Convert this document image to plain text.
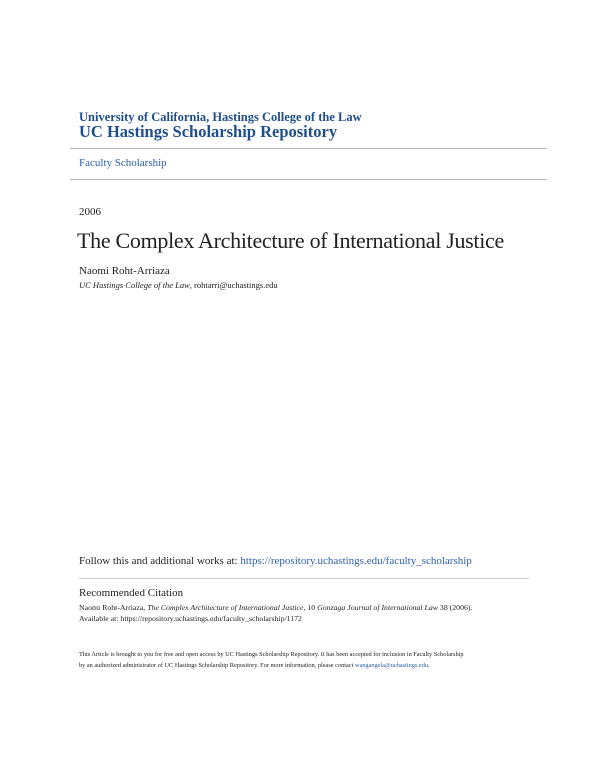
University of California, Hastings College of the Law
UC Hastings Scholarship Repository
Faculty Scholarship
2006
The Complex Architecture of International Justice
Naomi Roht-Arriaza
UC Hastings College of the Law, rohtarri@uchastings.edu
Follow this and additional works at: https://repository.uchastings.edu/faculty_scholarship
Recommended Citation
Naomi Roht-Arriaza, The Complex Architecture of International Justice, 10 Gonzaga Journal of International Law 38 (2006).
Available at: https://repository.uchastings.edu/faculty_scholarship/1172
This Article is brought to you for free and open access by UC Hastings Scholarship Repository. It has been accepted for inclusion in Faculty Scholarship
by an authorized administrator of UC Hastings Scholarship Repository. For more information, please contact wangangela@uchastings.edu.
